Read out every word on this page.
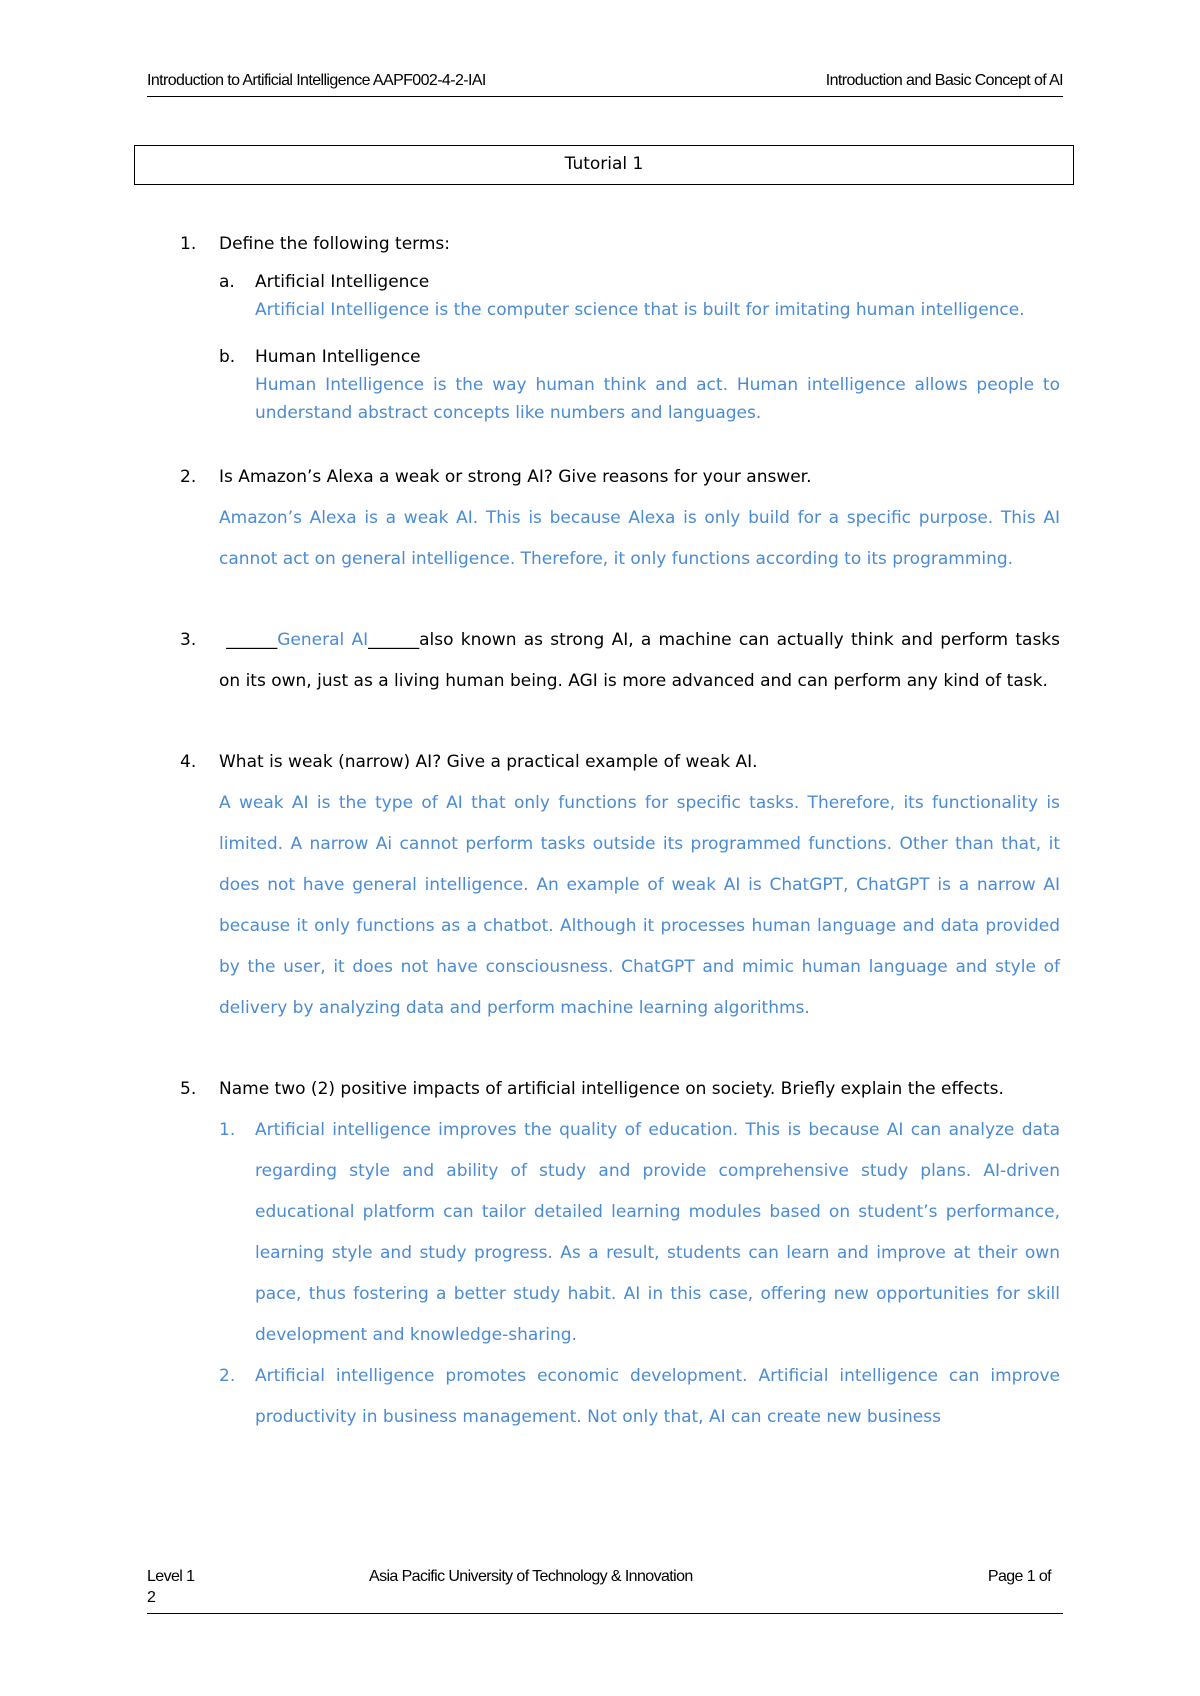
Introduction to Artificial Intelligence AAPF002-4-2-IAI	Introduction and Basic Concept of AI
Tutorial 1
1. Define the following terms:
a. Artificial Intelligence
Artificial Intelligence is the computer science that is built for imitating human intelligence.
b. Human Intelligence
Human Intelligence is the way human think and act. Human intelligence allows people to understand abstract concepts like numbers and languages.
2. Is Amazon’s Alexa a weak or strong AI? Give reasons for your answer.
Amazon’s Alexa is a weak AI. This is because Alexa is only build for a specific purpose. This AI cannot act on general intelligence. Therefore, it only functions according to its programming.
3. ______General AI______also known as strong AI, a machine can actually think and perform tasks on its own, just as a living human being. AGI is more advanced and can perform any kind of task.
4. What is weak (narrow) AI? Give a practical example of weak AI.
A weak AI is the type of AI that only functions for specific tasks. Therefore, its functionality is limited. A narrow Ai cannot perform tasks outside its programmed functions. Other than that, it does not have general intelligence. An example of weak AI is ChatGPT, ChatGPT is a narrow AI because it only functions as a chatbot. Although it processes human language and data provided by the user, it does not have consciousness. ChatGPT and mimic human language and style of delivery by analyzing data and perform machine learning algorithms.
5. Name two (2) positive impacts of artificial intelligence on society. Briefly explain the effects.
1. Artificial intelligence improves the quality of education. This is because AI can analyze data regarding style and ability of study and provide comprehensive study plans. AI-driven educational platform can tailor detailed learning modules based on student’s performance, learning style and study progress. As a result, students can learn and improve at their own pace, thus fostering a better study habit. AI in this case, offering new opportunities for skill development and knowledge-sharing.
2. Artificial intelligence promotes economic development. Artificial intelligence can improve productivity in business management. Not only that, AI can create new business
Level 1	Asia Pacific University of Technology & Innovation	Page 1 of
2
